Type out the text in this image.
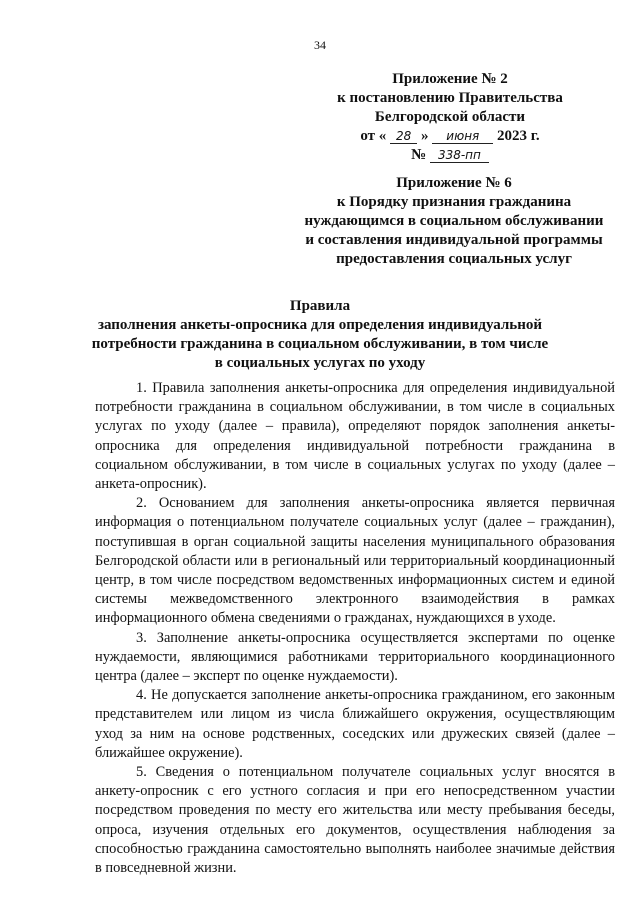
34
Приложение № 2
к постановлению Правительства
Белгородской области
от « 28 » июня 2023 г.
№ 338-пп
Приложение № 6
к Порядку признания гражданина
нуждающимся в социальном обслуживании
и составления индивидуальной программы
предоставления социальных услуг
Правила
заполнения анкеты-опросника для определения индивидуальной
потребности гражданина в социальном обслуживании, в том числе
в социальных услугах по уходу

1. Правила заполнения анкеты-опросника для определения индивидуальной потребности гражданина в социальном обслуживании, в том числе в социальных услугах по уходу (далее – правила), определяют порядок заполнения анкеты-опросника для определения индивидуальной потребности гражданина в социальном обслуживании, в том числе в социальных услугах по уходу (далее – анкета-опросник).

2. Основанием для заполнения анкеты-опросника является первичная информация о потенциальном получателе социальных услуг (далее – гражданин), поступившая в орган социальной защиты населения муниципального образования Белгородской области или в региональный или территориальный координационный центр, в том числе посредством ведомственных информационных систем и единой системы межведомственного электронного взаимодействия в рамках информационного обмена сведениями о гражданах, нуждающихся в уходе.

3. Заполнение анкеты-опросника осуществляется экспертами по оценке нуждаемости, являющимися работниками территориального координационного центра (далее – эксперт по оценке нуждаемости).

4. Не допускается заполнение анкеты-опросника гражданином, его законным представителем или лицом из числа ближайшего окружения, осуществляющим уход за ним на основе родственных, соседских или дружеских связей (далее – ближайшее окружение).

5. Сведения о потенциальном получателе социальных услуг вносятся в анкету-опросник с его устного согласия и при его непосредственном участии посредством проведения по месту его жительства или месту пребывания беседы, опроса, изучения отдельных его документов, осуществления наблюдения за способностью гражданина самостоятельно выполнять наиболее значимые действия в повседневной жизни.
